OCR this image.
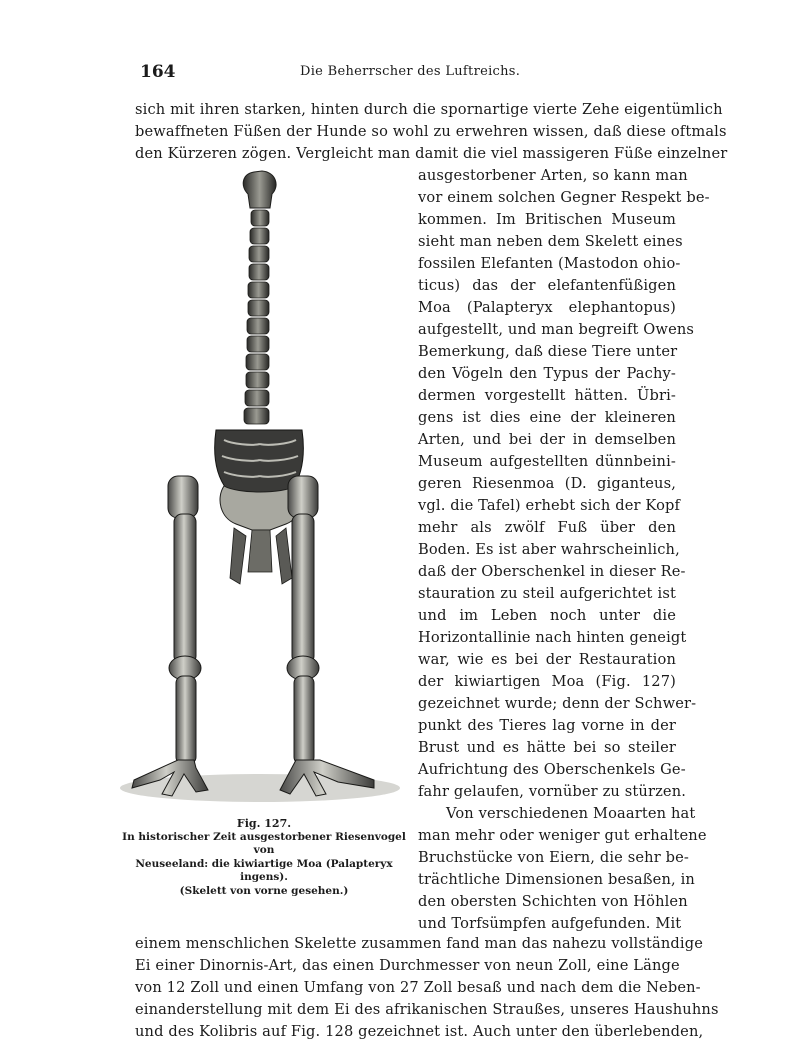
164	Die Beherrscher des Luftreichs.
sich mit ihren starken, hinten durch die spornartige vierte Zehe eigentümlich
bewaffneten Füßen der Hunde so wohl zu erwehren wissen, daß diese oftmals
den Kürzeren zögen. Vergleicht man damit die viel massigeren Füße einzelner
ausgestorbener Arten, so kann man
vor einem solchen Gegner Respekt be-
kommen. Im Britischen Museum
sieht man neben dem Skelett eines
fossilen Elefanten (Mastodon ohio-
ticus) das der elefantenfüßigen
Moa (Palapteryx elephantopus)
aufgestellt, und man begreift Owens
Bemerkung, daß diese Tiere unter
den Vögeln den Typus der Pachy-
dermen vorgestellt hätten. Übri-
gens ist dies eine der kleineren
Arten, und bei der in demselben
Museum aufgestellten dünnbeini-
geren Riesenmoa (D. giganteus,
vgl. die Tafel) erhebt sich der Kopf
mehr als zwölf Fuß über den
Boden. Es ist aber wahrscheinlich,
daß der Oberschenkel in dieser Re-
stauration zu steil aufgerichtet ist
und im Leben noch unter die
Horizontallinie nach hinten geneigt
war, wie es bei der Restauration
der kiwiartigen Moa (Fig. 127)
gezeichnet wurde; denn der Schwer-
punkt des Tieres lag vorne in der
Brust und es hätte bei so steiler
Aufrichtung des Oberschenkels Ge-
fahr gelaufen, vornüber zu stürzen.
Von verschiedenen Moaarten hat
man mehr oder weniger gut erhaltene
Bruchstücke von Eiern, die sehr be-
trächtliche Dimensionen besaßen, in
den obersten Schichten von Höhlen
und Torfsümpfen aufgefunden. Mit
einem menschlichen Skelette zusammen fand man das nahezu vollständige
Ei einer Dinornis-Art, das einen Durchmesser von neun Zoll, eine Länge
von 12 Zoll und einen Umfang von 27 Zoll besaß und nach dem die Neben-
einanderstellung mit dem Ei des afrikanischen Straußes, unseres Haushuhns
und des Kolibris auf Fig. 128 gezeichnet ist. Auch unter den überlebenden,
Fig. 127.
In historischer Zeit ausgestorbener Riesenvogel von
Neuseeland: die kiwiartige Moa (Palapteryx ingens).
(Skelett von vorne gesehen.)
